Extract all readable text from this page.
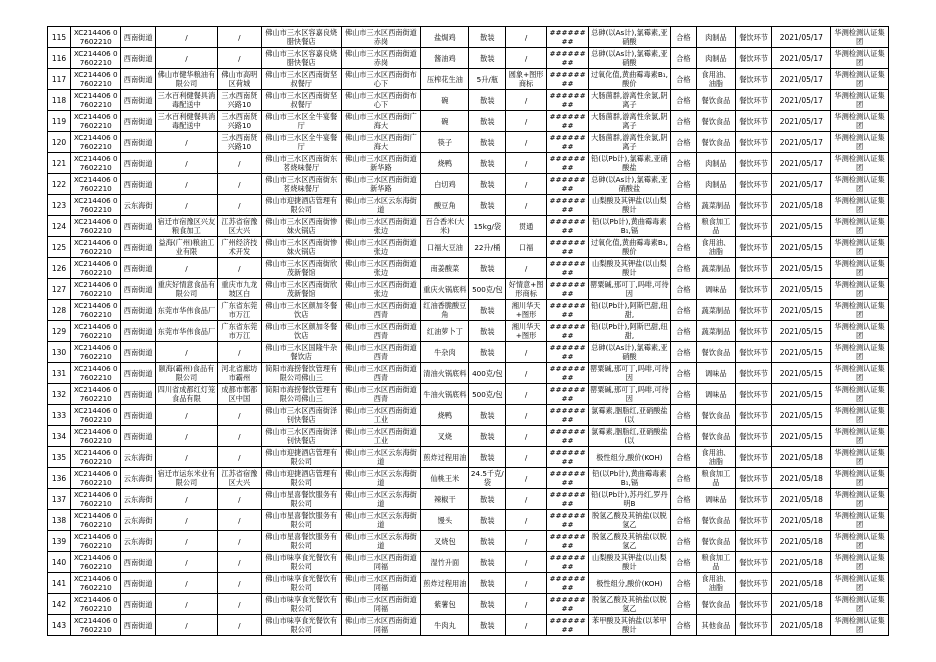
115	XC214406 07602210	西南街道	/	/	佛山市三水区容嘉良烧腊快餐店	佛山市三水区西南街道赤岗	盐焗鸡	散装	/	########	总砷(以As计),氯霉素,亚硝酸	合格	肉制品	餐饮环节	2021/05/17	华测检测认证集团
116	XC214406 07602210	西南街道	/	/	佛山市三水区容嘉良烧腊快餐店	佛山市三水区西南街道赤岗	酱油鸡	散装	/	########	总砷(以As计),氯霉素,亚硝酸	合格	肉制品	餐饮环节	2021/05/17	华测检测认证集团
117	XC214406 07602210	西南街道	佛山市健华粮油有限公司	佛山市高明区荷城	佛山市三水区西南街坚叔餐厅	佛山市三水区西南街布心下	压榨花生油	5升/瓶	圆象+图形商标	########	过氧化值,黄曲霉毒素B₁,酸价	合格	食用油、油脂	餐饮环节	2021/05/17	华测检测认证集团
118	XC214406 07602210	西南街道	三水百利健餐具消毒配送中	三水西南贤兴路10	佛山市三水区西南街坚叔餐厅	佛山市三水区西南街布心下	碗	散装	/	########	大肠菌群,游离性余氯,阴离子	合格	餐饮食品	餐饮环节	2021/05/17	华测检测认证集团
119	XC214406 07602210	西南街道	三水百利健餐具消毒配送中	三水西南贤兴路10	佛山市三水区全牛宴餐厅	佛山市三水区西南街广海大	碗	散装	/	########	大肠菌群,游离性余氯,阴离子	合格	餐饮食品	餐饮环节	2021/05/17	华测检测认证集团
120	XC214406 07602210	西南街道	/	三水西南贤兴路10	佛山市三水区全牛宴餐厅	佛山市三水区西南街广海大	筷子	散装	/	########	大肠菌群,游离性余氯,阴离子	合格	餐饮食品	餐饮环节	2021/05/17	华测检测认证集团
121	XC214406 07602210	西南街道	/	/	佛山市三水区西南街东茗烧味餐厅	佛山市三水区西南街道新华路	烧鸭	散装	/	########	铅(以Pb计),氯霉素,亚硝酸盐	合格	肉制品	餐饮环节	2021/05/17	华测检测认证集团
122	XC214406 07602210	西南街道	/	/	佛山市三水区西南街东茗烧味餐厅	佛山市三水区西南街道新华路	白切鸡	散装	/	########	总砷(以As计),氯霉素,亚硝酸盐	合格	肉制品	餐饮环节	2021/05/17	华测检测认证集团
123	XC214406 07602210	云东海街	/	/	佛山市迎捷酒店管理有限公司	佛山市三水区云东海街道	酸豆角	散装	/	########	山梨酸及其钾盐(以山梨酸计	合格	蔬菜制品	餐饮环节	2021/05/18	华测检测认证集团
124	XC214406 07602210	西南街道	宿迁市宿豫区兴友粮食加工	江苏省宿豫区大兴	佛山市三水区西南街惨妹火锅店	佛山市三水区西南街道张边	百合香米(大米)	15kg/袋	贯通	########	铅(以Pb计),黄曲霉毒素B₁,镉	合格	粮食加工品	餐饮环节	2021/05/15	华测检测认证集团
125	XC214406 07602210	西南街道	益海(广州)粮油工业有限	广州经济技术开发	佛山市三水区西南街惨妹火锅店	佛山市三水区西南街道张边	口福大豆油	22升/桶	口福	########	过氧化值,黄曲霉毒素B₁,酸价	合格	食用油、油脂	餐饮环节	2021/05/15	华测检测认证集团
126	XC214406 07602210	西南街道	/	/	佛山市三水区西南街欣茂新餐馆	佛山市三水区西南街道张边	南姜酸菜	散装	/	########	山梨酸及其钾盐(以山梨酸计	合格	蔬菜制品	餐饮环节	2021/05/15	华测检测认证集团
127	XC214406 07602210	西南街道	重庆好情意食品有限公司	重庆市九龙坡区白	佛山市三水区西南街欣茂新餐馆	佛山市三水区西南街道张边	重庆火锅底料	500克/包	好情意+图形商标	########	罂粟碱,那可丁,吗啡,可待因	合格	调味品	餐饮环节	2021/05/15	华测检测认证集团
128	XC214406 07602210	西南街道	东莞市华伟食品厂	广东省东莞市万江	佛山市三水区颜加冬餐饮店	佛山市三水区西南街道西青	红油香脆酸豆角	散装	湘川华天+图形	########	铅(以Pb计),阿斯巴甜,纽甜,	合格	蔬菜制品	餐饮环节	2021/05/15	华测检测认证集团
129	XC214406 07602210	西南街道	东莞市华伟食品厂	广东省东莞市万江	佛山市三水区颜加冬餐饮店	佛山市三水区西南街道西青	红油萝卜丁	散装	湘川华天+图形	########	铅(以Pb计),阿斯巴甜,纽甜,	合格	蔬菜制品	餐饮环节	2021/05/15	华测检测认证集团
130	XC214406 07602210	西南街道	/	/	佛山市三水区国隆牛杂餐饮店	佛山市三水区西南街道西青	牛杂肉	散装	/	########	总砷(以As计),氯霉素,亚硝酸	合格	餐饮食品	餐饮环节	2021/05/15	华测检测认证集团
131	XC214406 07602210	西南街道	颐海(霸州)食品有限公司	河北省廊坊市霸州	简阳市海捞餐饮管理有限公司佛山三	佛山市三水区西南街道西青	清油火锅底料	400克/包	/	########	罂粟碱,那可丁,吗啡,可待因	合格	调味品	餐饮环节	2021/05/15	华测检测认证集团
132	XC214406 07602210	西南街道	四川省成都红灯笼食品有限	成都市郫都区中国	简阳市海捞餐饮管理有限公司佛山三	佛山市三水区西南街道西青	牛油火锅底料	500克/包	/	########	罂粟碱,那可丁,吗啡,可待因	合格	调味品	餐饮环节	2021/05/15	华测检测认证集团
133	XC214406 07602210	西南街道	/	/	佛山市三水区西南街泽钊快餐店	佛山市三水区西南街道工业	烧鸭	散装	/	########	氯霉素,胭脂红,亚硝酸盐(以	合格	餐饮食品	餐饮环节	2021/05/15	华测检测认证集团
134	XC214406 07602210	西南街道	/	/	佛山市三水区西南街泽钊快餐店	佛山市三水区西南街道工业	叉烧	散装	/	########	氯霉素,胭脂红,亚硝酸盐(以	合格	餐饮食品	餐饮环节	2021/05/15	华测检测认证集团
135	XC214406 07602210	云东海街	/	/	佛山市迎捷酒店管理有限公司	佛山市三水区云东海街道	煎炸过程用油	散装	/	########	极性组分,酸价(KOH)	合格	食用油、油脂	餐饮环节	2021/05/18	华测检测认证集团
136	XC214406 07602210	云东海街	宿迁市运东米业有限公司	江苏省宿豫区大兴	佛山市迎捷酒店管理有限公司	佛山市三水区云东海街道	仙桃王米	24.5千克/袋	/	########	铅(以Pb计),黄曲霉毒素B₁,镉	合格	粮食加工品	餐饮环节	2021/05/18	华测检测认证集团
137	XC214406 07602210	云东海街	/	/	佛山市星喜餐饮服务有限公司	佛山市三水区云东海街道	辣椒干	散装	/	########	铅(以Pb计),苏丹红,罗丹明B	合格	调味品	餐饮环节	2021/05/18	华测检测认证集团
138	XC214406 07602210	云东海街	/	/	佛山市星喜餐饮服务有限公司	佛山市三水区云东海街道	馒头	散装	/	########	脱氢乙酸及其钠盐(以脱氢乙	合格	餐饮食品	餐饮环节	2021/05/18	华测检测认证集团
139	XC214406 07602210	云东海街	/	/	佛山市星喜餐饮服务有限公司	佛山市三水区云东海街道	叉烧包	散装	/	########	脱氢乙酸及其钠盐(以脱氢乙	合格	餐饮食品	餐饮环节	2021/05/18	华测检测认证集团
140	XC214406 07602210	西南街道	/	/	佛山市味享食光餐饮有限公司	佛山市三水区西南街道同福	湿竹升面	散装	/	########	山梨酸及其钾盐(以山梨酸计	合格	粮食加工品	餐饮环节	2021/05/18	华测检测认证集团
141	XC214406 07602210	西南街道	/	/	佛山市味享食光餐饮有限公司	佛山市三水区西南街道同福	煎炸过程用油	散装	/	########	极性组分,酸价(KOH)	合格	食用油、油脂	餐饮环节	2021/05/18	华测检测认证集团
142	XC214406 07602210	西南街道	/	/	佛山市味享食光餐饮有限公司	佛山市三水区西南街道同福	紫薯包	散装	/	########	脱氢乙酸及其钠盐(以脱氢乙	合格	餐饮食品	餐饮环节	2021/05/18	华测检测认证集团
143	XC214406 07602210	西南街道	/	/	佛山市味享食光餐饮有限公司	佛山市三水区西南街道同福	牛肉丸	散装	/	########	苯甲酸及其钠盐(以苯甲酸计	合格	其他食品	餐饮环节	2021/05/18	华测检测认证集团
